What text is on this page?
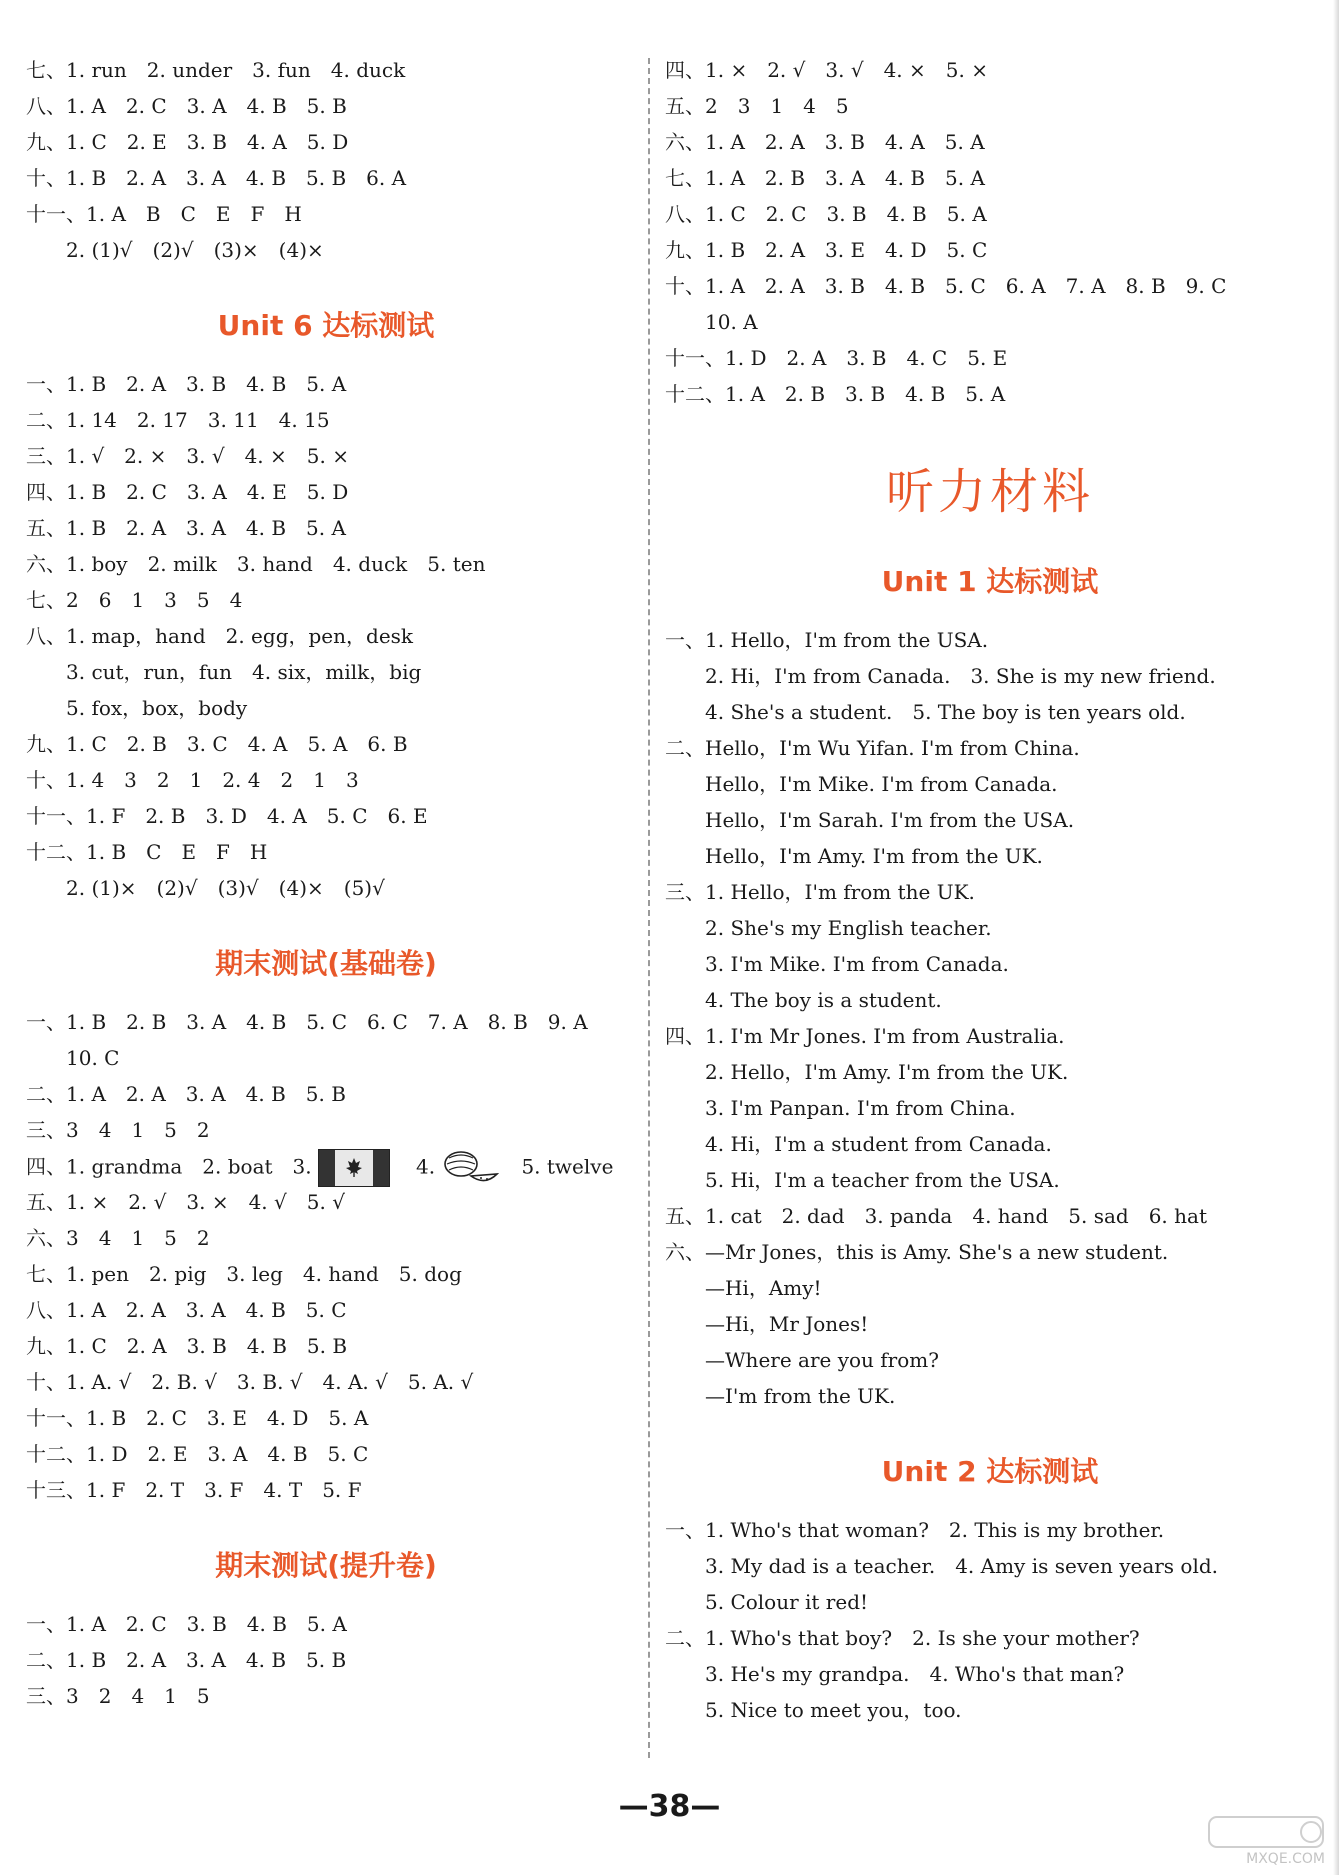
七、1. run　2. under　3. fun　4. duck
八、1. A　2. C　3. A　4. B　5. B
九、1. C　2. E　3. B　4. A　5. D
十、1. B　2. A　3. A　4. B　5. B　6. A
十一、1. A　B　C　E　F　H
2. (1)√　(2)√　(3)×　(4)×
Unit 6 达标测试
一、1. B　2. A　3. B　4. B　5. A
二、1. 14　2. 17　3. 11　4. 15
三、1. √　2. ×　3. √　4. ×　5. ×
四、1. B　2. C　3. A　4. E　5. D
五、1. B　2. A　3. A　4. B　5. A
六、1. boy　2. milk　3. hand　4. duck　5. ten
七、2　6　1　3　5　4
八、1. map，hand　2. egg，pen，desk
3. cut，run，fun　4. six，milk，big
5. fox，box，body
九、1. C　2. B　3. C　4. A　5. A　6. B
十、1. 4　3　2　1　2. 4　2　1　3
十一、1. F　2. B　3. D　4. A　5. C　6. E
十二、1. B　C　E　F　H
2. (1)×　(2)√　(3)√　(4)×　(5)√
期末测试(基础卷)
一、1. B　2. B　3. A　4. B　5. C　6. C　7. A　8. B　9. A
10. C
二、1. A　2. A　3. A　4. B　5. B
三、3　4　1　5　2
四、1. grandma　2. boat　3.	4.	5. twelve
五、1. ×　2. √　3. ×　4. √　5. √
六、3　4　1　5　2
七、1. pen　2. pig　3. leg　4. hand　5. dog
八、1. A　2. A　3. A　4. B　5. C
九、1. C　2. A　3. B　4. B　5. B
十、1. A. √　2. B. √　3. B. √　4. A. √　5. A. √
十一、1. B　2. C　3. E　4. D　5. A
十二、1. D　2. E　3. A　4. B　5. C
十三、1. F　2. T　3. F　4. T　5. F
期末测试(提升卷)
一、1. A　2. C　3. B　4. B　5. A
二、1. B　2. A　3. A　4. B　5. B
三、3　2　4　1　5
四、1. ×　2. √　3. √　4. ×　5. ×
五、2　3　1　4　5
六、1. A　2. A　3. B　4. A　5. A
七、1. A　2. B　3. A　4. B　5. A
八、1. C　2. C　3. B　4. B　5. A
九、1. B　2. A　3. E　4. D　5. C
十、1. A　2. A　3. B　4. B　5. C　6. A　7. A　8. B　9. C
10. A
十一、1. D　2. A　3. B　4. C　5. E
十二、1. A　2. B　3. B　4. B　5. A
听力材料
Unit 1 达标测试
一、1. Hello，I'm from the USA.
2. Hi，I'm from Canada.　3. She is my new friend.
4. She's a student.　5. The boy is ten years old.
二、Hello，I'm Wu Yifan. I'm from China.
Hello，I'm Mike. I'm from Canada.
Hello，I'm Sarah. I'm from the USA.
Hello，I'm Amy. I'm from the UK.
三、1. Hello，I'm from the UK.
2. She's my English teacher.
3. I'm Mike. I'm from Canada.
4. The boy is a student.
四、1. I'm Mr Jones. I'm from Australia.
2. Hello，I'm Amy. I'm from the UK.
3. I'm Panpan. I'm from China.
4. Hi，I'm a student from Canada.
5. Hi，I'm a teacher from the USA.
五、1. cat　2. dad　3. panda　4. hand　5. sad　6. hat
六、—Mr Jones，this is Amy. She's a new student.
—Hi，Amy!
—Hi，Mr Jones!
—Where are you from?
—I'm from the UK.
Unit 2 达标测试
一、1. Who's that woman?　2. This is my brother.
3. My dad is a teacher.　4. Amy is seven years old.
5. Colour it red!
二、1. Who's that boy?　2. Is she your mother?
3. He's my grandpa.　4. Who's that man?
5. Nice to meet you，too.
—38—
MXQE.COM
